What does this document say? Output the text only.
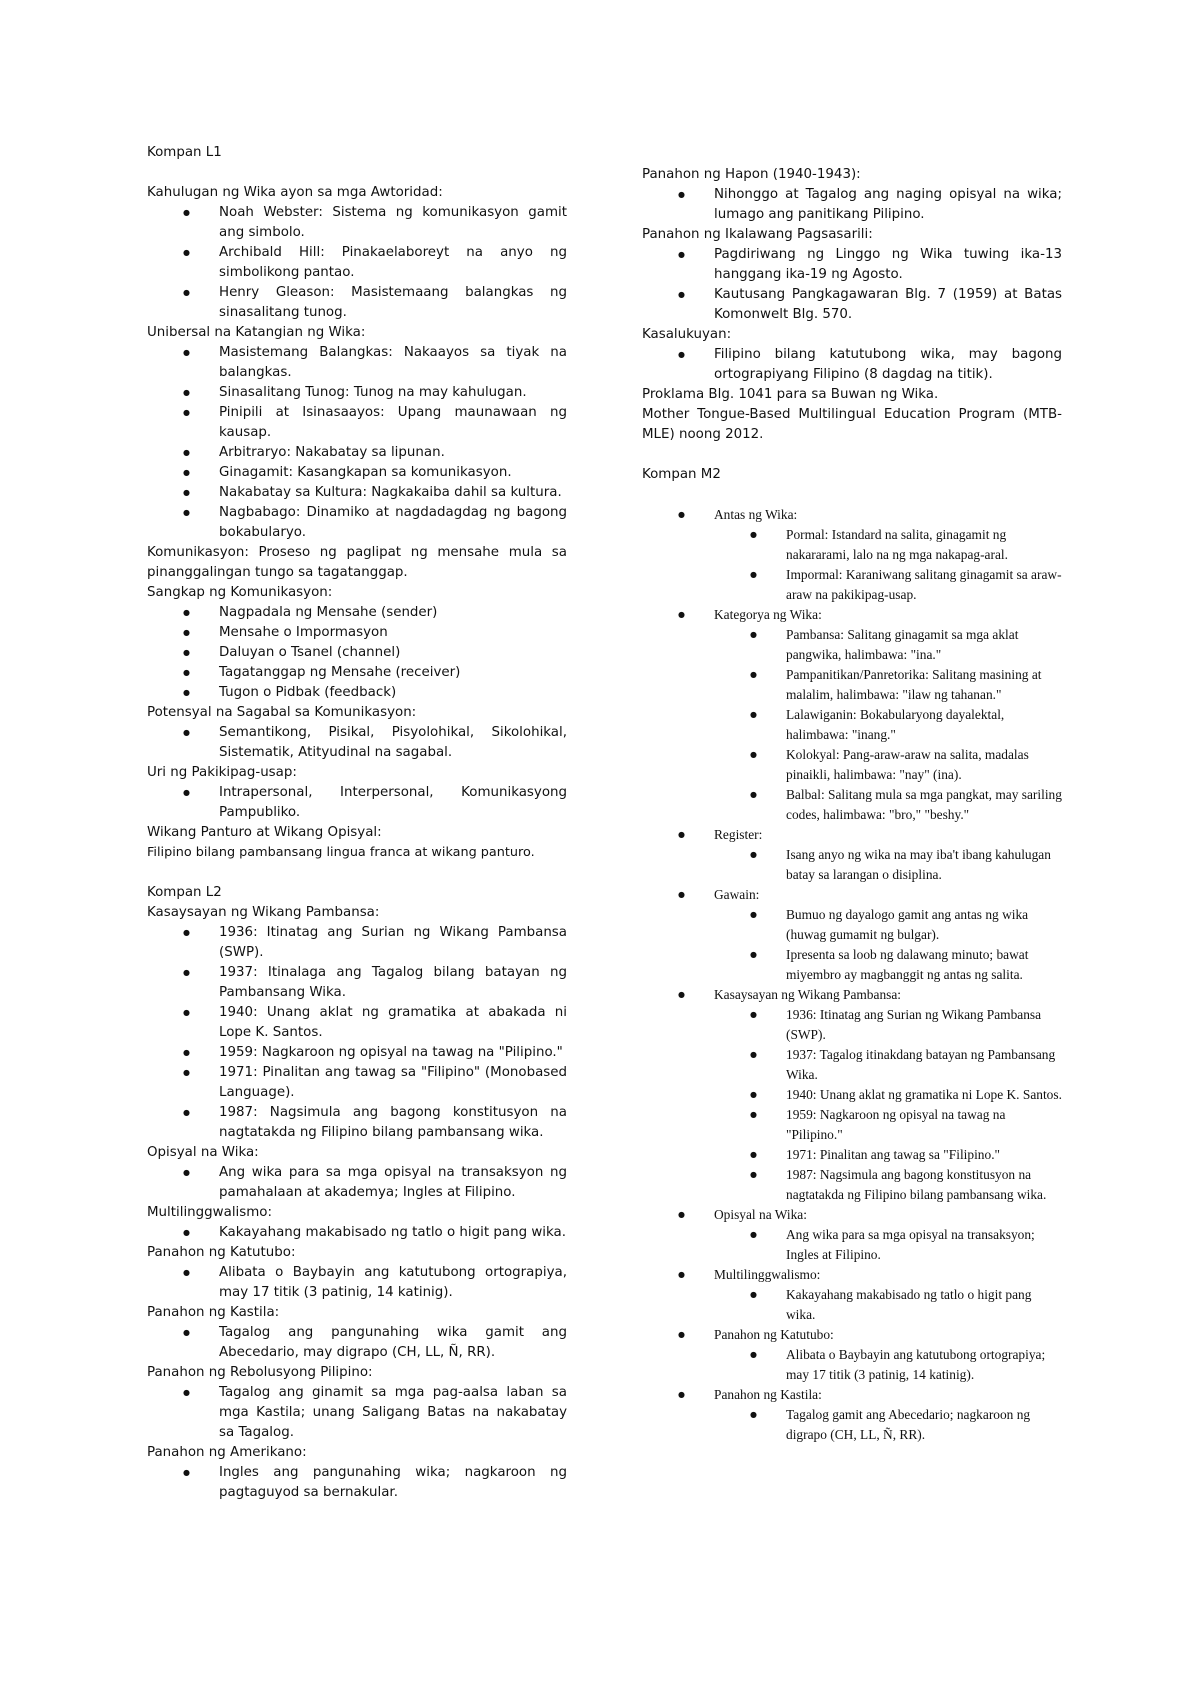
Kompan L1

Kahulugan ng Wika ayon sa mga Awtoridad:

● Noah Webster: Sistema ng komunikasyon gamit ang simbolo.
● Archibald Hill: Pinakaelaboreyt na anyo ng simbolikong pantao.
● Henry Gleason: Masistemaang balangkas ng sinasalitang tunog.

Unibersal na Katangian ng Wika:

● Masistemang Balangkas: Nakaayos sa tiyak na balangkas.
● Sinasalitang Tunog: Tunog na may kahulugan.
● Pinipili at Isinasaayos: Upang maunawaan ng kausap.
● Arbitraryo: Nakabatay sa lipunan.
● Ginagamit: Kasangkapan sa komunikasyon.
● Nakabatay sa Kultura: Nagkakaiba dahil sa kultura.
● Nagbabago: Dinamiko at nagdadagdag ng bagong bokabularyo.

Komunikasyon: Proseso ng paglipat ng mensahe mula sa pinanggalingan tungo sa tagatanggap.

Sangkap ng Komunikasyon:

● Nagpadala ng Mensahe (sender)
● Mensahe o Impormasyon
● Daluyan o Tsanel (channel)
● Tagatanggap ng Mensahe (receiver)
● Tugon o Pidbak (feedback)

Potensyal na Sagabal sa Komunikasyon:

● Semantikong, Pisikal, Pisyolohikal, Sikolohikal, Sistematik, Atityudinal na sagabal.

Uri ng Pakikipag-usap:

● Intrapersonal, Interpersonal, Komunikasyong Pampubliko.

Wikang Panturo at Wikang Opisyal:

Filipino bilang pambansang lingua franca at wikang panturo.

Kompan L2

Kasaysayan ng Wikang Pambansa:

● 1936: Itinatag ang Surian ng Wikang Pambansa (SWP).
● 1937: Itinalaga ang Tagalog bilang batayan ng Pambansang Wika.
● 1940: Unang aklat ng gramatika at abakada ni Lope K. Santos.
● 1959: Nagkaroon ng opisyal na tawag na "Pilipino."
● 1971: Pinalitan ang tawag sa "Filipino" (Monobased Language).
● 1987: Nagsimula ang bagong konstitusyon na nagtatakda ng Filipino bilang pambansang wika.

Opisyal na Wika:

● Ang wika para sa mga opisyal na transaksyon ng pamahalaan at akademya; Ingles at Filipino.

Multilinggwalismo:

● Kakayahang makabisado ng tatlo o higit pang wika.

Panahon ng Katutubo:

● Alibata o Baybayin ang katutubong ortograpiya, may 17 titik (3 patinig, 14 katinig).

Panahon ng Kastila:

● Tagalog ang pangunahing wika gamit ang Abecedario, may digrapo (CH, LL, Ñ, RR).

Panahon ng Rebolusyong Pilipino:

● Tagalog ang ginamit sa mga pag-aalsa laban sa mga Kastila; unang Saligang Batas na nakabatay sa Tagalog.

Panahon ng Amerikano:

● Ingles ang pangunahing wika; nagkaroon ng pagtaguyod sa bernakular.

Panahon ng Hapon (1940-1943):

● Nihonggo at Tagalog ang naging opisyal na wika; lumago ang panitikang Pilipino.

Panahon ng Ikalawang Pagsasarili:

● Pagdiriwang ng Linggo ng Wika tuwing ika-13 hanggang ika-19 ng Agosto.
● Kautusang Pangkagawaran Blg. 7 (1959) at Batas Komonwelt Blg. 570.

Kasalukuyan:

● Filipino bilang katutubong wika, may bagong ortograpiyang Filipino (8 dagdag na titik).

Proklama Blg. 1041 para sa Buwan ng Wika.

Mother Tongue-Based Multilingual Education Program (MTB-MLE) noong 2012.

Kompan M2

● Antas ng Wika:
● Pormal: Istandard na salita, ginagamit ng nakararami, lalo na ng mga nakapag-aral.
● Impormal: Karaniwang salitang ginagamit sa araw-araw na pakikipag-usap.
● Kategorya ng Wika:
● Pambansa: Salitang ginagamit sa mga aklat pangwika, halimbawa: "ina."
● Pampanitikan/Panretorika: Salitang masining at malalim, halimbawa: "ilaw ng tahanan."
● Lalawiganin: Bokabularyong dayalektal, halimbawa: "inang."
● Kolokyal: Pang-araw-araw na salita, madalas pinaikli, halimbawa: "nay" (ina).
● Balbal: Salitang mula sa mga pangkat, may sariling codes, halimbawa: "bro," "beshy."
● Register:
● Isang anyo ng wika na may iba't ibang kahulugan batay sa larangan o disiplina.
● Gawain:
● Bumuo ng dayalogo gamit ang antas ng wika (huwag gumamit ng bulgar).
● Ipresenta sa loob ng dalawang minuto; bawat miyembro ay magbanggit ng antas ng salita.
● Kasaysayan ng Wikang Pambansa:
● 1936: Itinatag ang Surian ng Wikang Pambansa (SWP).
● 1937: Tagalog itinakdang batayan ng Pambansang Wika.
● 1940: Unang aklat ng gramatika ni Lope K. Santos.
● 1959: Nagkaroon ng opisyal na tawag na "Pilipino."
● 1971: Pinalitan ang tawag sa "Filipino."
● 1987: Nagsimula ang bagong konstitusyon na nagtatakda ng Filipino bilang pambansang wika.
● Opisyal na Wika:
● Ang wika para sa mga opisyal na transaksyon; Ingles at Filipino.
● Multilinggwalismo:
● Kakayahang makabisado ng tatlo o higit pang wika.
● Panahon ng Katutubo:
● Alibata o Baybayin ang katutubong ortograpiya; may 17 titik (3 patinig, 14 katinig).
● Panahon ng Kastila:
● Tagalog gamit ang Abecedario; nagkaroon ng digrapo (CH, LL, Ñ, RR).
